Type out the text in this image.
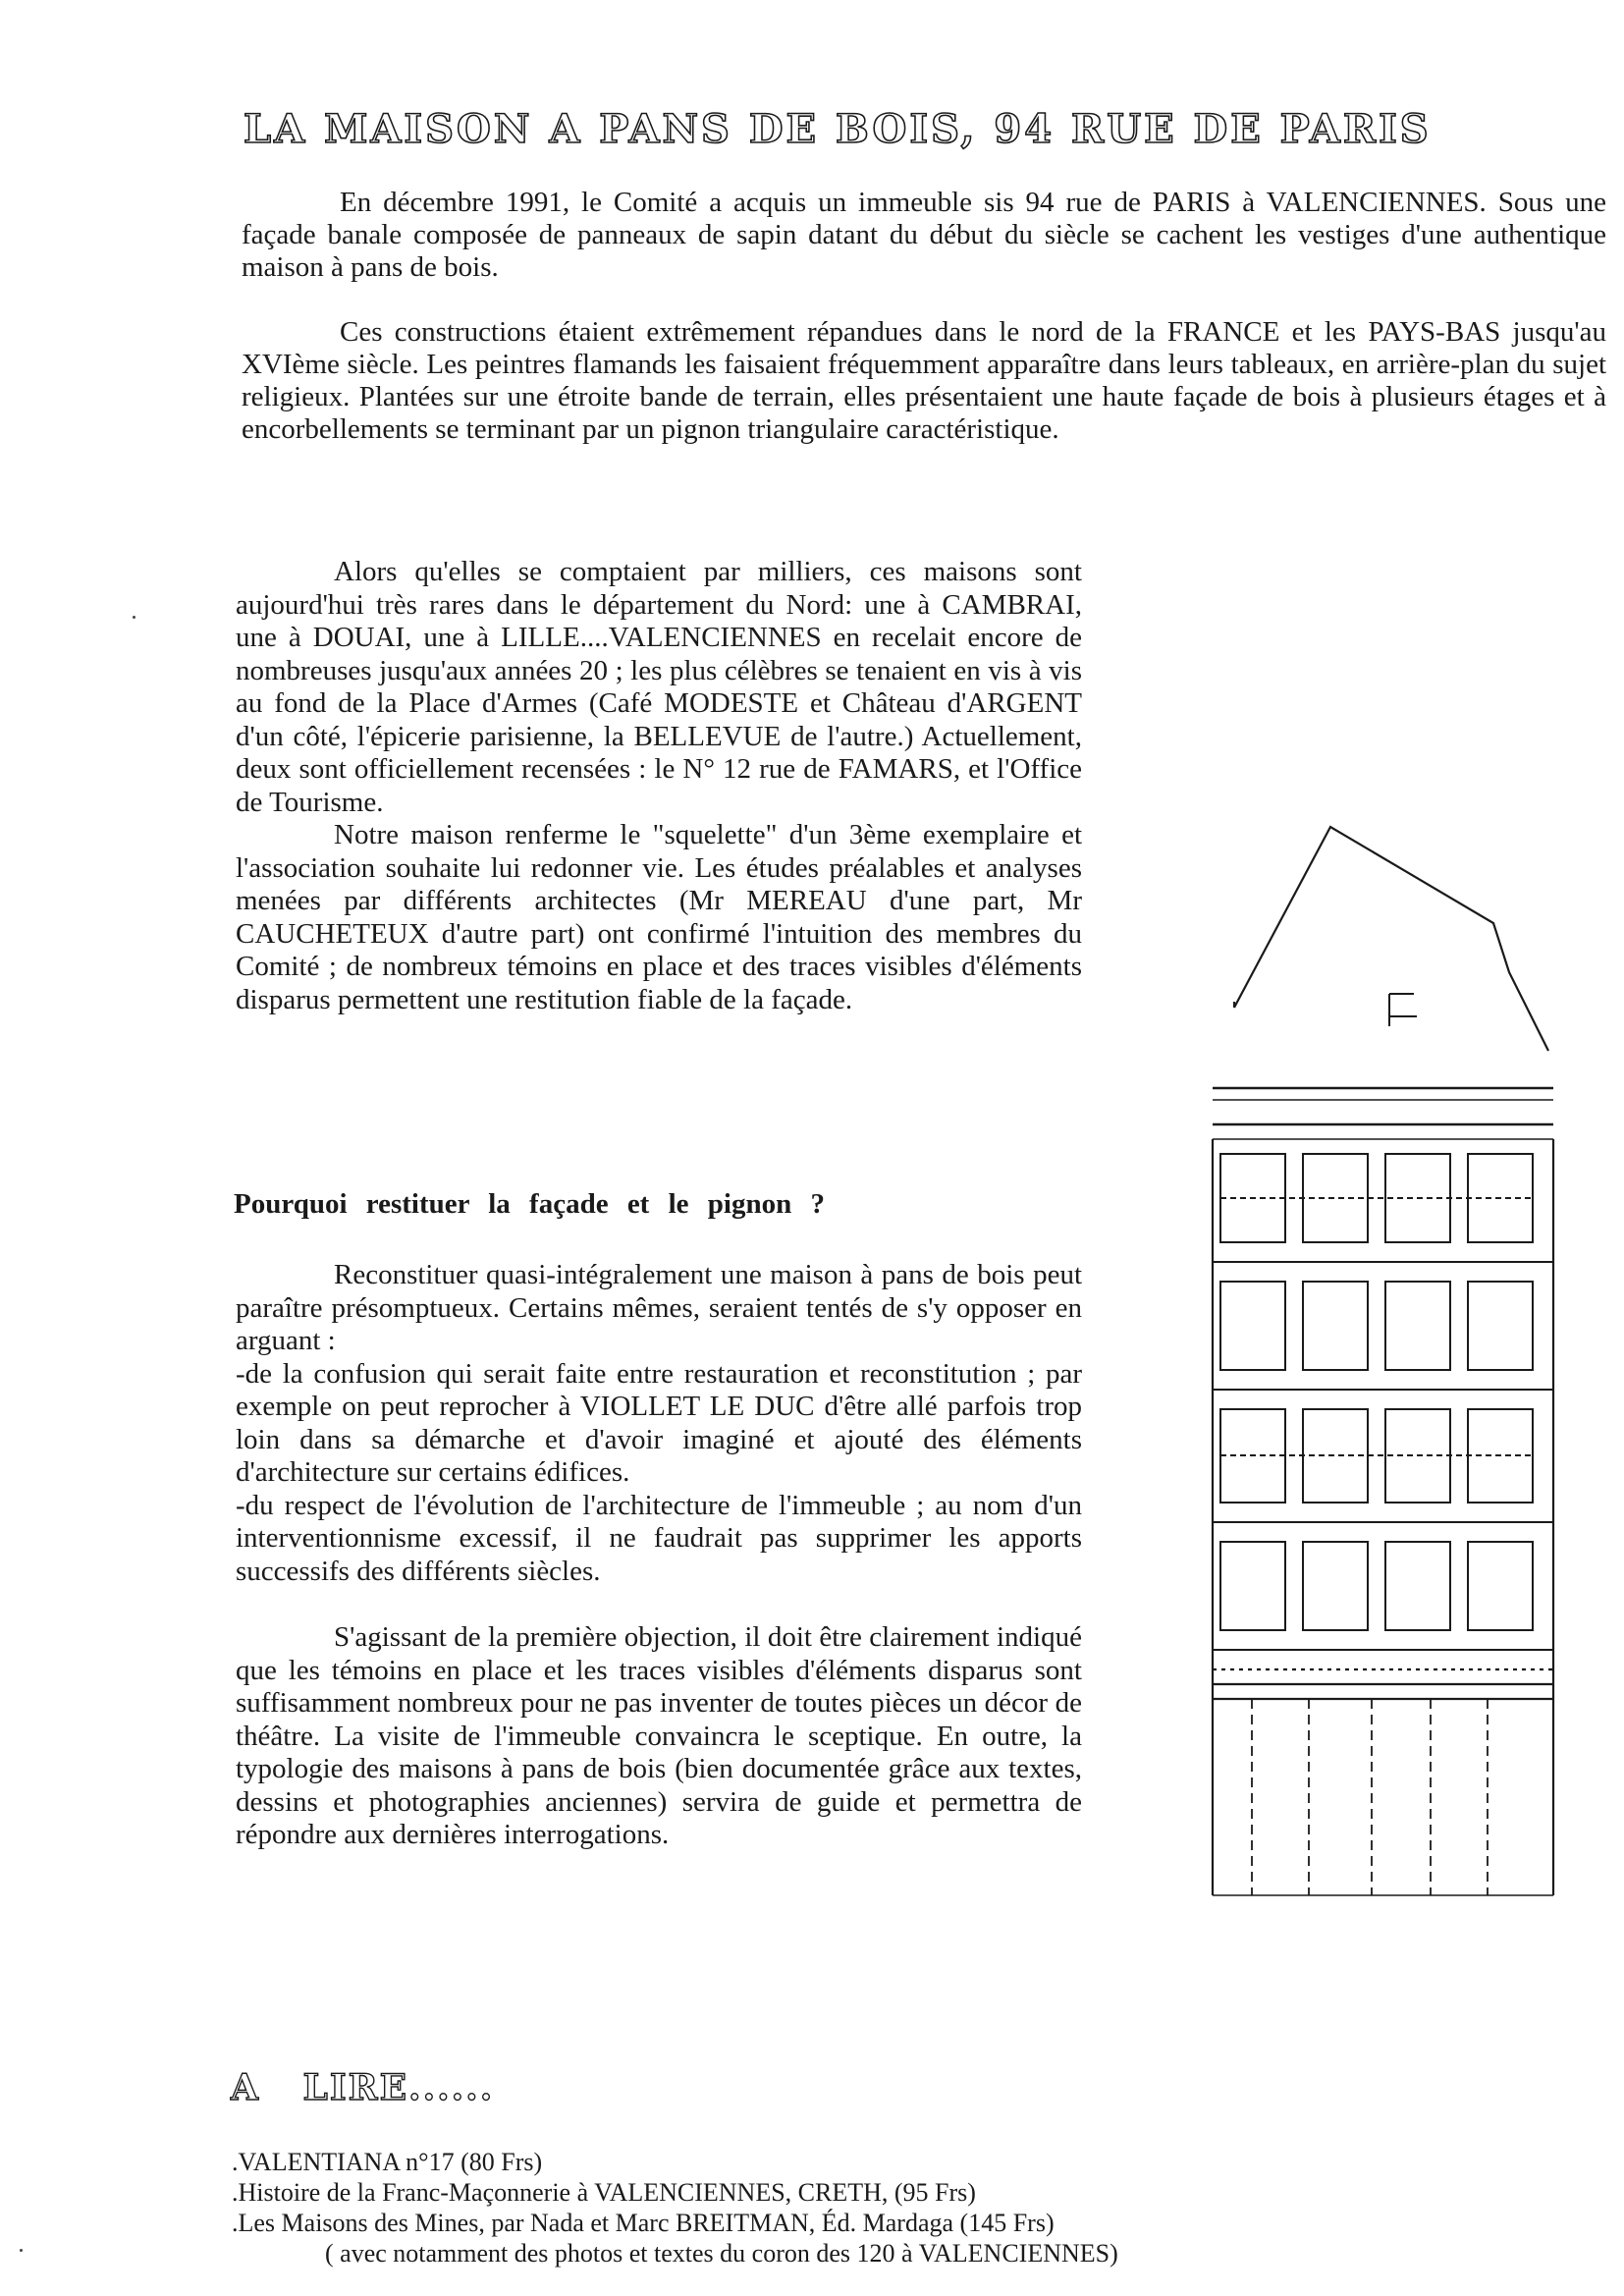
LA MAISON A PANS DE BOIS, 94 RUE DE PARIS

En décembre 1991, le Comité a acquis un immeuble sis 94 rue de PARIS à VALENCIENNES. Sous une façade banale composée de panneaux de sapin datant du début du siècle se cachent les vestiges d'une authentique maison à pans de bois.

Ces constructions étaient extrêmement répandues dans le nord de la FRANCE et les PAYS-BAS jusqu'au XVIème siècle. Les peintres flamands les faisaient fréquemment apparaître dans leurs tableaux, en arrière-plan du sujet religieux. Plantées sur une étroite bande de terrain, elles présentaient une haute façade de bois à plusieurs étages et à encorbellements se terminant par un pignon triangulaire caractéristique.

Alors qu'elles se comptaient par milliers, ces maisons sont aujourd'hui très rares dans le département du Nord: une à CAMBRAI, une à DOUAI, une à LILLE....VALENCIENNES en recelait encore de nombreuses jusqu'aux années 20 ; les plus célèbres se tenaient en vis à vis au fond de la Place d'Armes (Café MODESTE et Château d'ARGENT d'un côté, l'épicerie parisienne, la BELLEVUE de l'autre.) Actuellement, deux sont officiellement recensées : le N° 12 rue de FAMARS, et l'Office de Tourisme.

Notre maison renferme le "squelette" d'un 3ème exemplaire et l'association souhaite lui redonner vie. Les études préalables et analyses menées par différents architectes (Mr MEREAU d'une part, Mr CAUCHETEUX d'autre part) ont confirmé l'intuition des membres du Comité ; de nombreux témoins en place et des traces visibles d'éléments disparus permettent une restitution fiable de la façade.

Pourquoi restituer la façade et le pignon ?

Reconstituer quasi-intégralement une maison à pans de bois peut paraître présomptueux. Certains mêmes, seraient tentés de s'y opposer en arguant :

-de la confusion qui serait faite entre restauration et reconstitution ; par exemple on peut reprocher à VIOLLET LE DUC d'être allé parfois trop loin dans sa démarche et d'avoir imaginé et ajouté des éléments d'architecture sur certains édifices.

-du respect de l'évolution de l'architecture de l'immeuble ; au nom d'un interventionnisme excessif, il ne faudrait pas supprimer les apports successifs des différents siècles.

S'agissant de la première objection, il doit être clairement indiqué que les témoins en place et les traces visibles d'éléments disparus sont suffisamment nombreux pour ne pas inventer de toutes pièces un décor de théâtre. La visite de l'immeuble convaincra le sceptique. En outre, la typologie des maisons à pans de bois (bien documentée grâce aux textes, dessins et photographies anciennes) servira de guide et permettra de répondre aux dernières interrogations.

A   LIRE......
.VALENTIANA n°17 (80 Frs)
.Histoire de la Franc-Maçonnerie à VALENCIENNES, CRETH, (95 Frs)
.Les Maisons des Mines, par Nada et Marc BREITMAN, Éd. Mardaga (145 Frs)
( avec notamment des photos et textes du coron des 120 à VALENCIENNES)
